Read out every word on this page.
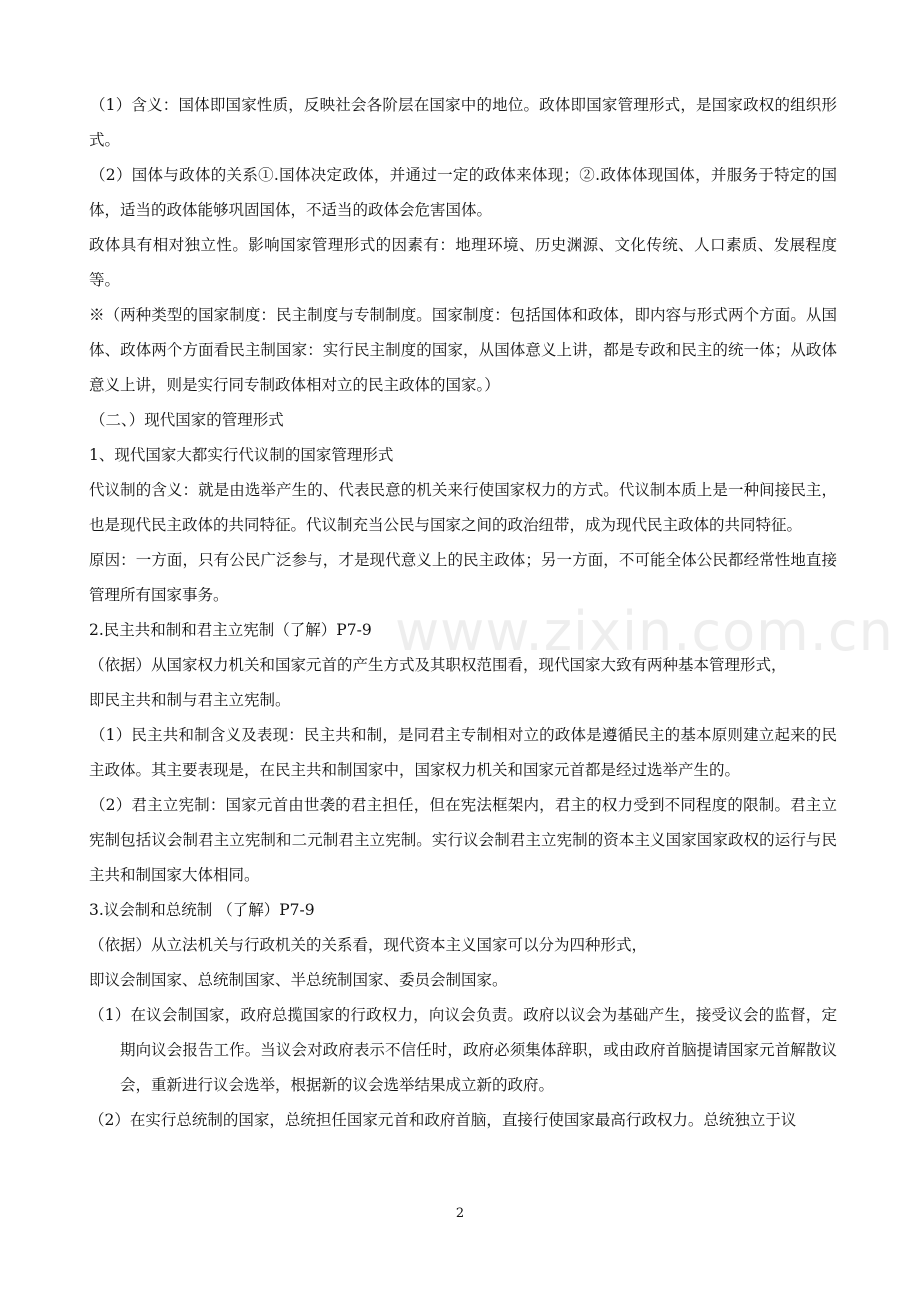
（1）含义：国体即国家性质，反映社会各阶层在国家中的地位。政体即国家管理形式，是国家政权的组织形式。

（2）国体与政体的关系①.国体决定政体，并通过一定的政体来体现；②.政体体现国体，并服务于特定的国体，适当的政体能够巩固国体，不适当的政体会危害国体。

政体具有相对独立性。影响国家管理形式的因素有：地理环境、历史渊源、文化传统、人口素质、发展程度等。

※（两种类型的国家制度：民主制度与专制制度。国家制度：包括国体和政体，即内容与形式两个方面。从国体、政体两个方面看民主制国家：实行民主制度的国家，从国体意义上讲，都是专政和民主的统一体；从政体意义上讲，则是实行同专制政体相对立的民主政体的国家。）

（二、）现代国家的管理形式

1、现代国家大都实行代议制的国家管理形式

代议制的含义：就是由选举产生的、代表民意的机关来行使国家权力的方式。代议制本质上是一种间接民主，也是现代民主政体的共同特征。代议制充当公民与国家之间的政治纽带，成为现代民主政体的共同特征。

原因：一方面，只有公民广泛参与，才是现代意义上的民主政体；另一方面，不可能全体公民都经常性地直接管理所有国家事务。

2.民主共和制和君主立宪制（了解）P7-9

（依据）从国家权力机关和国家元首的产生方式及其职权范围看，现代国家大致有两种基本管理形式，

即民主共和制与君主立宪制。

（1）民主共和制含义及表现：民主共和制，是同君主专制相对立的政体是遵循民主的基本原则建立起来的民主政体。其主要表现是，在民主共和制国家中，国家权力机关和国家元首都是经过选举产生的。

（2）君主立宪制：国家元首由世袭的君主担任，但在宪法框架内，君主的权力受到不同程度的限制。君主立宪制包括议会制君主立宪制和二元制君主立宪制。实行议会制君主立宪制的资本主义国家国家政权的运行与民主共和制国家大体相同。

3.议会制和总统制 （了解）P7-9

（依据）从立法机关与行政机关的关系看，现代资本主义国家可以分为四种形式，

即议会制国家、总统制国家、半总统制国家、委员会制国家。

（1）在议会制国家，政府总揽国家的行政权力，向议会负责。政府以议会为基础产生，接受议会的监督，定期向议会报告工作。当议会对政府表示不信任时，政府必须集体辞职，或由政府首脑提请国家元首解散议会，重新进行议会选举，根据新的议会选举结果成立新的政府。

（2）在实行总统制的国家，总统担任国家元首和政府首脑，直接行使国家最高行政权力。总统独立于议

www.zixin.com.cn
2
